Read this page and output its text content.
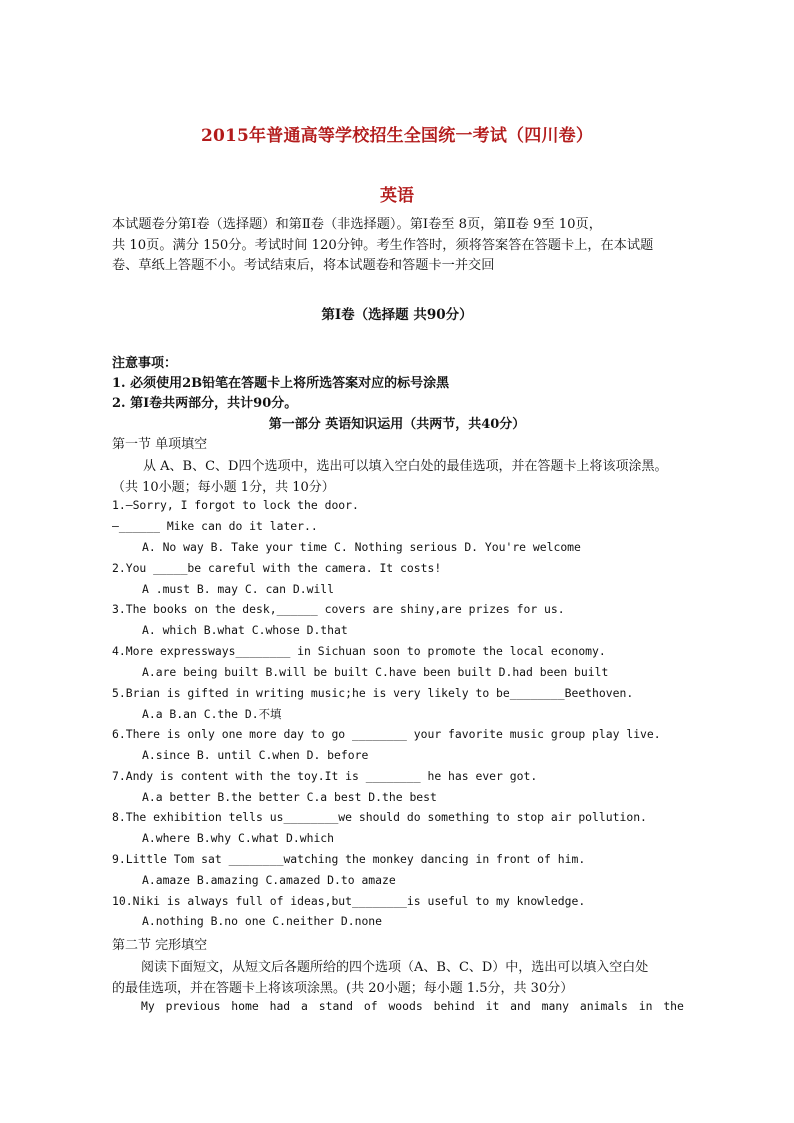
2015年普通高等学校招生全国统一考试（四川卷）
英语
本试题卷分第Ⅰ卷（选择题）和第Ⅱ卷（非选择题）。第Ⅰ卷至 8页，第Ⅱ卷 9至 10页，
共 10页。满分 150分。考试时间 120分钟。考生作答时，须将答案答在答题卡上，在本试题
卷、草纸上答题不小。考试结束后，将本试题卷和答题卡一并交回
第Ⅰ卷（选择题 共90分）
注意事项：
1. 必须使用2B铅笔在答题卡上将所选答案对应的标号涂黑
2. 第Ⅰ卷共两部分，共计90分。
第一部分 英语知识运用（共两节，共40分）
第一节 单项填空
从 A、B、C、D四个选项中，选出可以填入空白处的最佳选项，并在答题卡上将该项涂黑。
（共 10小题；每小题 1分，共 10分）
1.—Sorry, I forgot to lock the door.
—______ Mike can do it later..
A. No way B. Take your time C. Nothing serious D. You're welcome
2.You _____be careful with the camera. It costs!
A .must B. may C. can D.will
3.The books on the desk,______ covers are shiny,are prizes for us.
A. which B.what C.whose D.that
4.More expressways________ in Sichuan soon to promote the local economy.
A.are being built B.will be built C.have been built D.had been built
5.Brian is gifted in writing music;he is very likely to be________Beethoven.
A.a B.an C.the D.不填
6.There is only one more day to go ________ your favorite music group play live.
A.since B. until C.when D. before
7.Andy is content with the toy.It is ________ he has ever got.
A.a better B.the better C.a best D.the best
8.The exhibition tells us________we should do something to stop air pollution.
A.where B.why C.what D.which
9.Little Tom sat ________watching the monkey dancing in front of him.
A.amaze B.amazing C.amazed D.to amaze
10.Niki is always full of ideas,but________is useful to my knowledge.
A.nothing B.no one C.neither D.none
第二节 完形填空
阅读下面短文，从短文后各题所给的四个选项（A、B、C、D）中，选出可以填入空白处
的最佳选项，并在答题卡上将该项涂黑。(共 20小题；每小题 1.5分，共 30分）
My previous home had a stand of woods behind it and many animals in the
